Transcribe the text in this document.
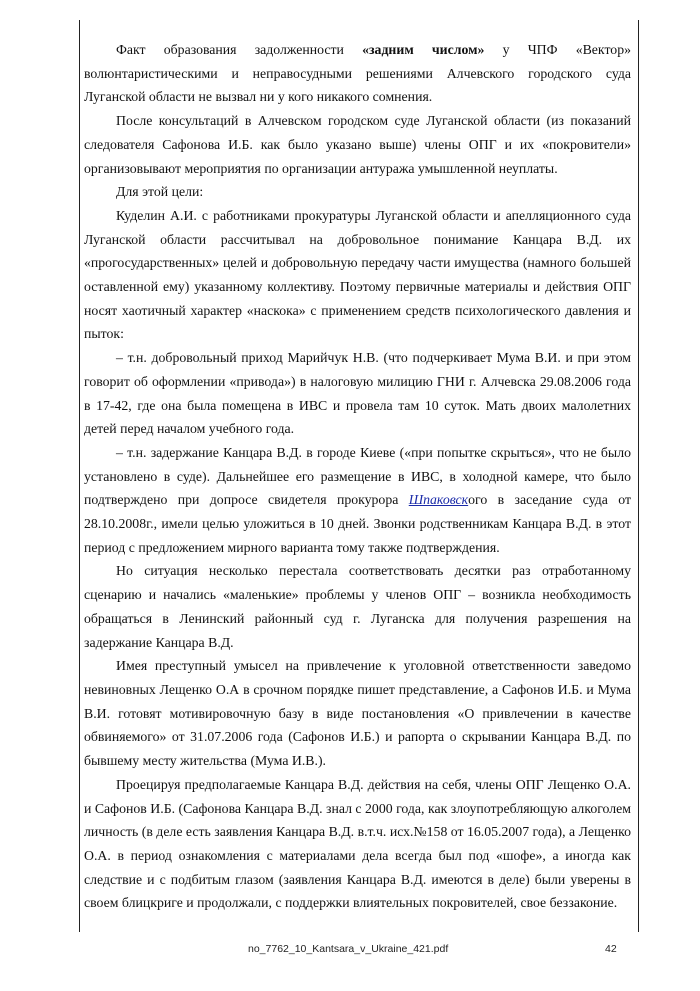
Факт образования задолженности «задним числом» у ЧПФ «Вектор» волюнтаристическими и неправосудными решениями Алчевского городского суда Луганской области не вызвал ни у кого никакого сомнения.

После консультаций в Алчевском городском суде Луганской области (из показаний следователя Сафонова И.Б. как было указано выше) члены ОПГ и их «покровители» организовывают мероприятия по организации антуража умышленной неуплаты.

Для этой цели:

Куделин А.И. с работниками прокуратуры Луганской области и апелляционного суда Луганской области рассчитывал на добровольное понимание Канцара В.Д. их «прогосударственных» целей и добровольную передачу части имущества (намного большей оставленной ему) указанному коллективу. Поэтому первичные материалы и действия ОПГ носят хаотичный характер «наскока» с применением средств психологического давления и пыток:

– т.н. добровольный приход Марийчук Н.В. (что подчеркивает Мума В.И. и при этом говорит об оформлении «привода») в налоговую милицию ГНИ г. Алчевска 29.08.2006 года в 17-42, где она была помещена в ИВС и провела там 10 суток. Мать двоих малолетних детей перед началом учебного года.

– т.н. задержание Канцара В.Д. в городе Киеве («при попытке скрыться», что не было установлено в суде). Дальнейшее его размещение в ИВС, в холодной камере, что было подтверждено при допросе свидетеля прокурора Шпаковского в заседание суда от 28.10.2008г., имели целью уложиться в 10 дней. Звонки родственникам Канцара В.Д. в этот период с предложением мирного варианта тому также подтверждения.

Но ситуация несколько перестала соответствовать десятки раз отработанному сценарию и начались «маленькие» проблемы у членов ОПГ – возникла необходимость обращаться в Ленинский районный суд г. Луганска для получения разрешения на задержание Канцара В.Д.

Имея преступный умысел на привлечение к уголовной ответственности заведомо невиновных Лещенко О.А в срочном порядке пишет представление, а Сафонов И.Б. и Мума В.И. готовят мотивировочную базу в виде постановления «О привлечении в качестве обвиняемого» от 31.07.2006 года (Сафонов И.Б.) и рапорта о скрывании Канцара В.Д. по бывшему месту жительства (Мума И.В.).

Проецируя предполагаемые Канцара В.Д. действия на себя, члены ОПГ Лещенко О.А. и Сафонов И.Б. (Сафонова Канцара В.Д. знал с 2000 года, как злоупотребляющую алкоголем личность (в деле есть заявления Канцара В.Д. в.т.ч. исх.№158 от 16.05.2007 года), а Лещенко О.А. в период ознакомления с материалами дела всегда был под «шофе», а иногда как следствие и с подбитым глазом (заявления Канцара В.Д. имеются в деле) были уверены в своем блицкриге и продолжали, с поддержки влиятельных покровителей, свое беззаконие.

no_7762_10_Kantsara_v_Ukraine_421.pdf	42
